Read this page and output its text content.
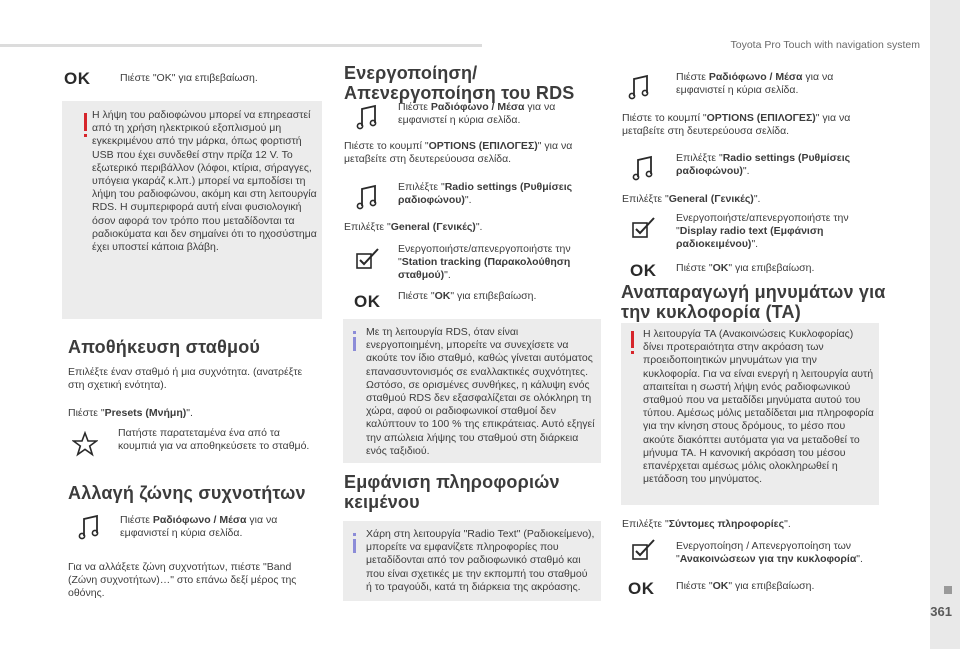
Toyota Pro Touch with navigation system
361
OK	Πιέστε "OK" για επιβεβαίωση.

Η λήψη του ραδιοφώνου μπορεί να επηρεαστεί από τη χρήση ηλεκτρικού εξοπλισμού μη εγκεκριμένου από την μάρκα, όπως φορτιστή USB που έχει συνδεθεί στην πρίζα 12 V. Το εξωτερικό περιβάλλον (λόφοι, κτίρια, σήραγγες, υπόγεια γκαράζ κ.λπ.) μπορεί να εμποδίσει τη λήψη του ραδιοφώνου, ακόμη και στη λειτουργία RDS. Η συμπεριφορά αυτή είναι φυσιολογική όσον αφορά τον τρόπο που μεταδίδονται τα ραδιοκύματα και δεν σημαίνει ότι το ηχοσύστημα έχει υποστεί κάποια βλάβη.

Αποθήκευση σταθμού

Επιλέξτε έναν σταθμό ή μια συχνότητα. (ανατρέξτε στη σχετική ενότητα).

Πιέστε "Presets (Μνήμη)".

Πατήστε παρατεταμένα ένα από τα κουμπιά για να αποθηκεύσετε το σταθμό.

Αλλαγή ζώνης συχνοτήτων

Πιέστε Ραδιόφωνο / Μέσα για να εμφανιστεί η κύρια σελίδα.

Για να αλλάξετε ζώνη συχνοτήτων, πιέστε "Band (Ζώνη συχνοτήτων)…" στο επάνω δεξί μέρος της οθόνης.

Ενεργοποίηση/
Απενεργοποίηση του RDS

Πιέστε Ραδιόφωνο / Μέσα για να εμφανιστεί η κύρια σελίδα.

Πιέστε το κουμπί "OPTIONS (ΕΠΙΛΟΓΕΣ)" για να μεταβείτε στη δευτερεύουσα σελίδα.

Επιλέξτε "Radio settings (Ρυθμίσεις ραδιοφώνου)".

Επιλέξτε "General (Γενικές)".

Ενεργοποιήστε/απενεργοποιήστε την "Station tracking (Παρακολούθηση σταθμού)".

OK Πιέστε "OK" για επιβεβαίωση.

Με τη λειτουργία RDS, όταν είναι ενεργοποιημένη, μπορείτε να συνεχίσετε να ακούτε τον ίδιο σταθμό, καθώς γίνεται αυτόματος επανασυντονισμός σε εναλλακτικές συχνότητες. Ωστόσο, σε ορισμένες συνθήκες, η κάλυψη ενός σταθμού RDS δεν εξασφαλίζεται σε ολόκληρη τη χώρα, αφού οι ραδιοφωνικοί σταθμοί δεν καλύπτουν το 100 % της επικράτειας. Αυτό εξηγεί την απώλεια λήψης του σταθμού στη διάρκεια ενός ταξιδιού.

Εμφάνιση πληροφοριών
κειμένου

Χάρη στη λειτουργία "Radio Text" (Ραδιοκείμενο), μπορείτε να εμφανίζετε πληροφορίες που μεταδίδονται από τον ραδιοφωνικό σταθμό και που είναι σχετικές με την εκπομπή του σταθμού ή το τραγούδι, κατά τη διάρκεια της ακρόασης.

Πιέστε Ραδιόφωνο / Μέσα για να εμφανιστεί η κύρια σελίδα.

Πιέστε το κουμπί "OPTIONS (ΕΠΙΛΟΓΕΣ)" για να μεταβείτε στη δευτερεύουσα σελίδα.

Επιλέξτε "Radio settings (Ρυθμίσεις ραδιοφώνου)".

Επιλέξτε "General (Γενικές)".

Ενεργοποιήστε/απενεργοποιήστε την "Display radio text (Εμφάνιση ραδιοκειμένου)".

OK Πιέστε "OK" για επιβεβαίωση.

Αναπαραγωγή μηνυμάτων για
την κυκλοφορία (TA)

Η λειτουργία TA (Ανακοινώσεις Κυκλοφορίας) δίνει προτεραιότητα στην ακρόαση των προειδοποιητικών μηνυμάτων για την κυκλοφορία. Για να είναι ενεργή η λειτουργία αυτή απαιτείται η σωστή λήψη ενός ραδιοφωνικού σταθμού που να μεταδίδει μηνύματα αυτού του τύπου. Αμέσως μόλις μεταδίδεται μια πληροφορία για την κίνηση στους δρόμους, το μέσο που ακούτε διακόπτει αυτόματα για να μεταδοθεί το μήνυμα TA. Η κανονική ακρόαση του μέσου επανέρχεται αμέσως μόλις ολοκληρωθεί η μετάδοση του μηνύματος.

Επιλέξτε "Σύντομες πληροφορίες".

Ενεργοποίηση / Απενεργοποίηση των "Ανακοινώσεων για την κυκλοφορία".

OK Πιέστε "OK" για επιβεβαίωση.
